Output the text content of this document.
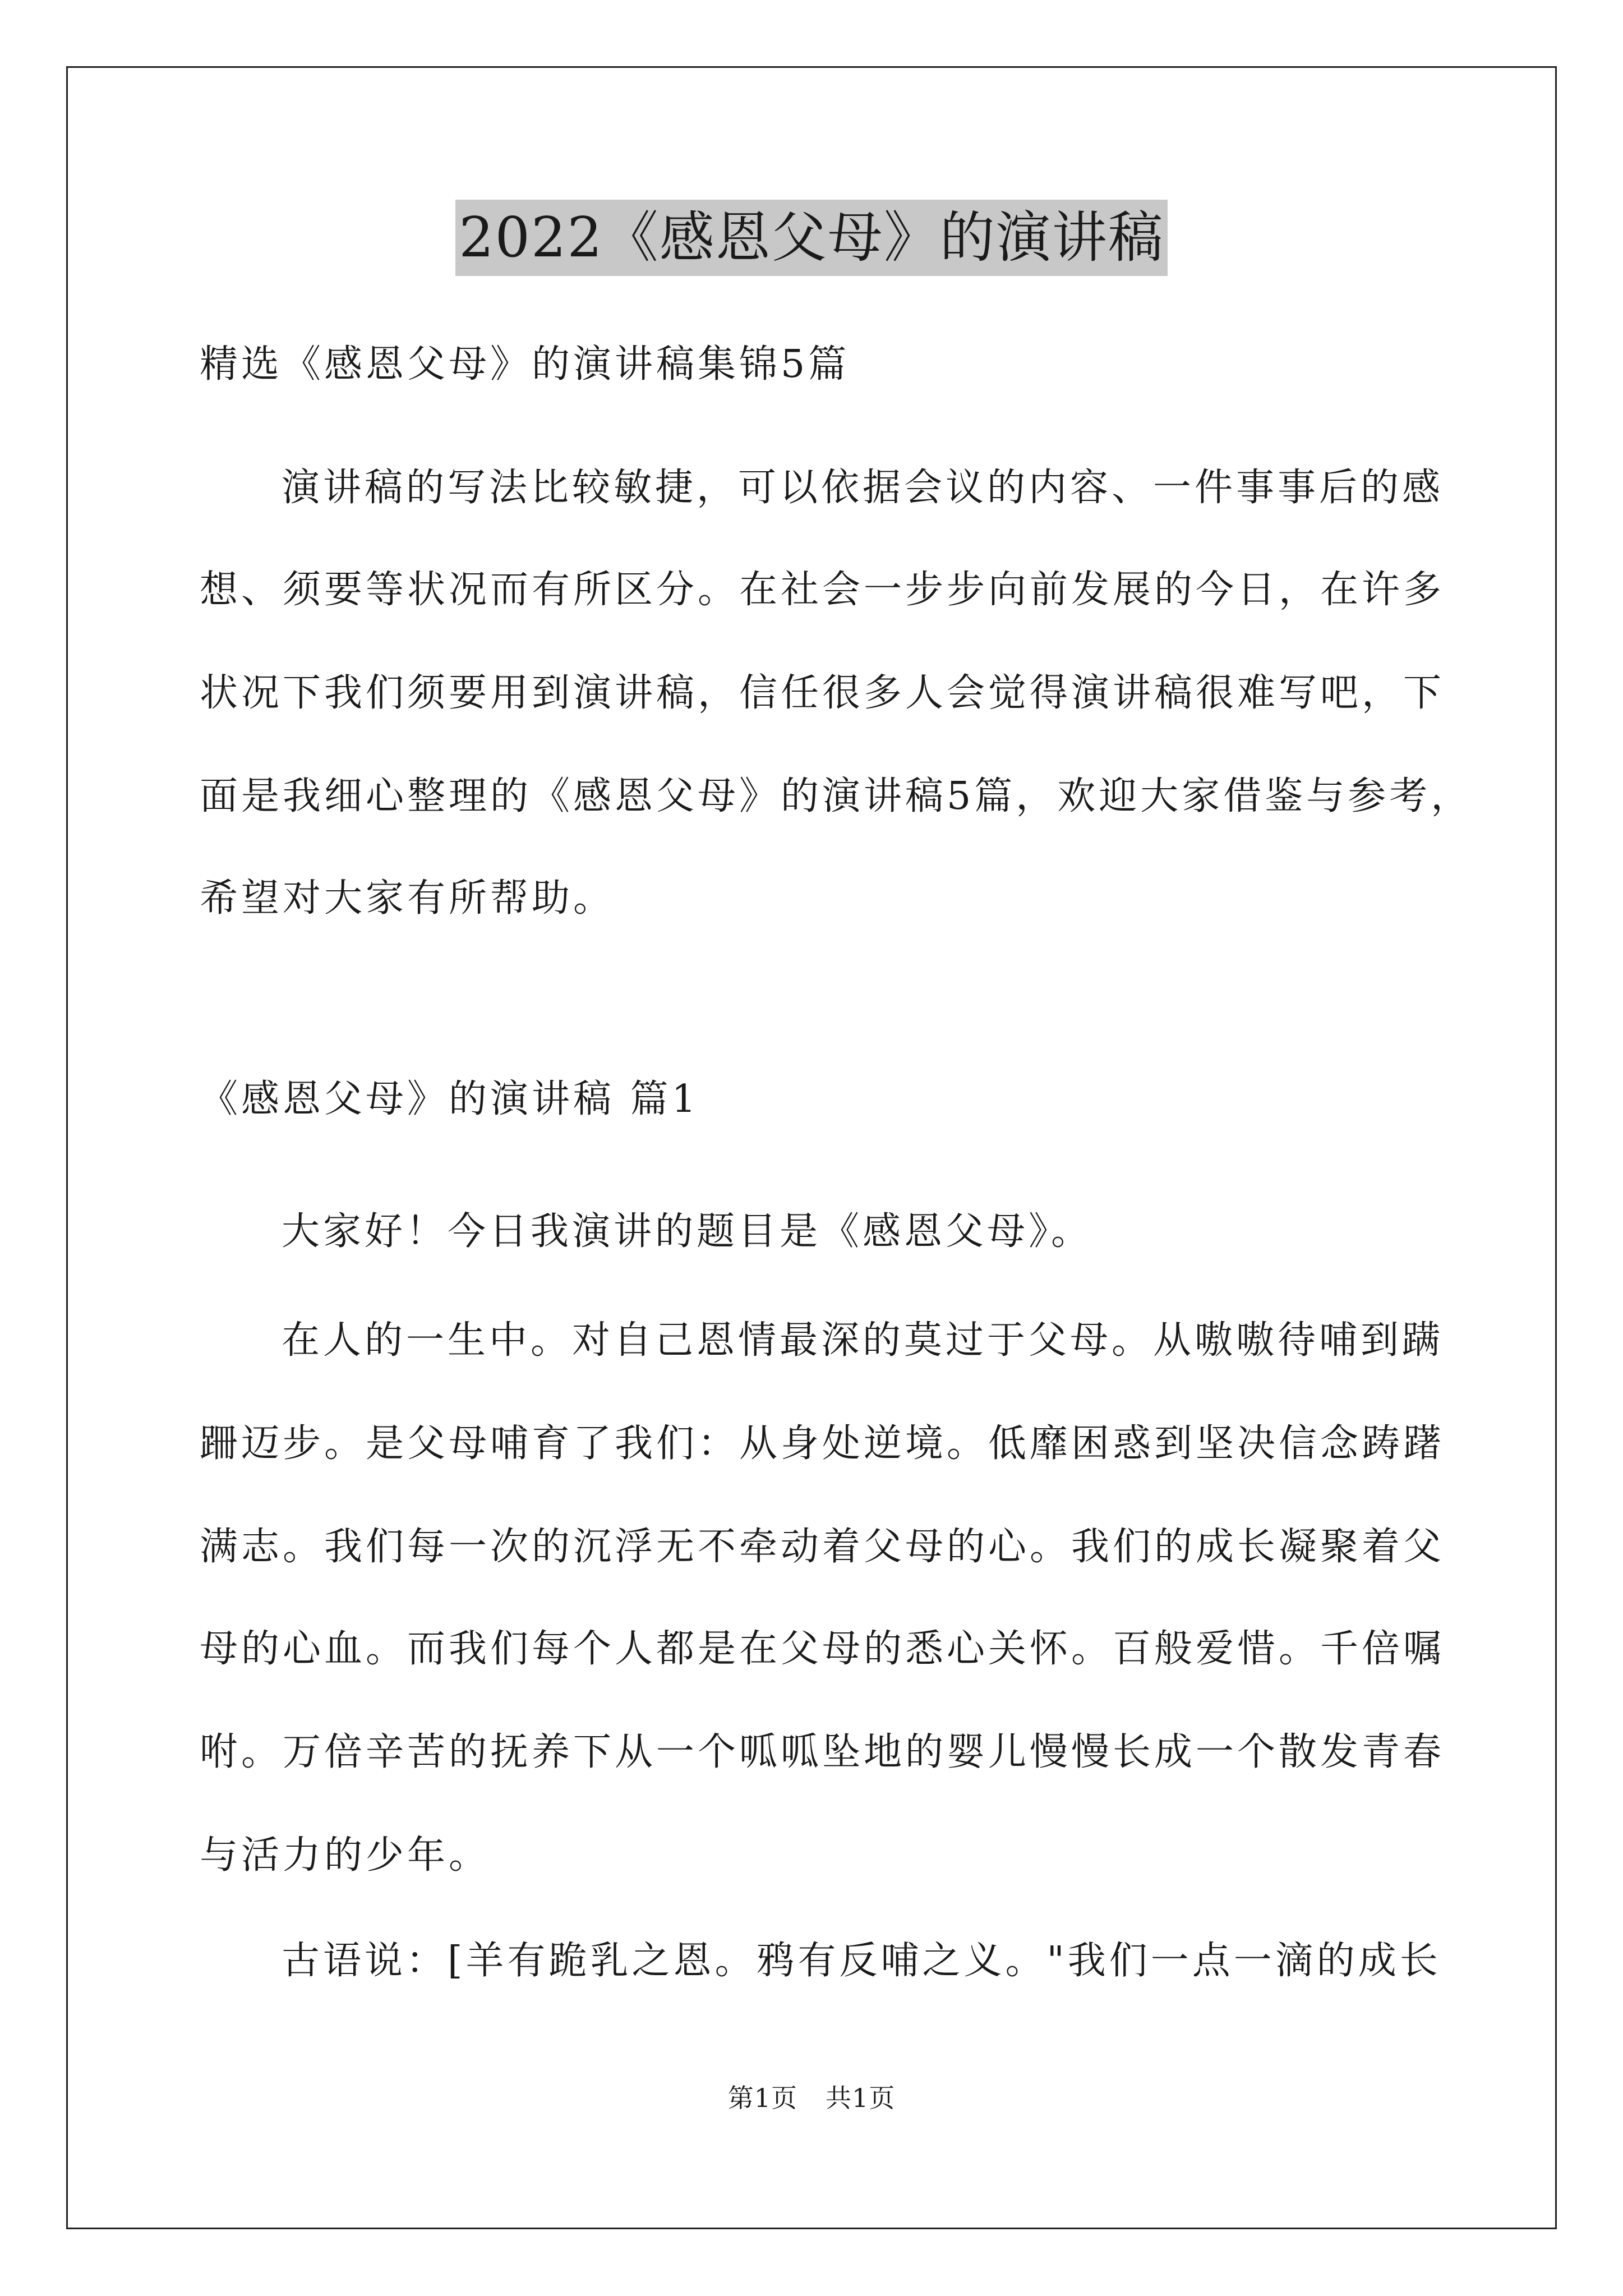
2022《感恩父母》的演讲稿
精选《感恩父母》的演讲稿集锦5篇
演讲稿的写法比较敏捷，可以依据会议的内容、一件事事后的感
想、须要等状况而有所区分。在社会一步步向前发展的今日，在许多
状况下我们须要用到演讲稿，信任很多人会觉得演讲稿很难写吧，下
面是我细心整理的《感恩父母》的演讲稿5篇，欢迎大家借鉴与参考，
希望对大家有所帮助。
《感恩父母》的演讲稿 篇1
大家好！今日我演讲的题目是《感恩父母》。
在人的一生中。对自己恩情最深的莫过于父母。从嗷嗷待哺到蹒
跚迈步。是父母哺育了我们：从身处逆境。低靡困惑到坚决信念踌躇
满志。我们每一次的沉浮无不牵动着父母的心。我们的成长凝聚着父
母的心血。而我们每个人都是在父母的悉心关怀。百般爱惜。千倍嘱
咐。万倍辛苦的抚养下从一个呱呱坠地的婴儿慢慢长成一个散发青春
与活力的少年。
古语说：[羊有跪乳之恩。鸦有反哺之义。"我们一点一滴的成长
第1页 共1页
